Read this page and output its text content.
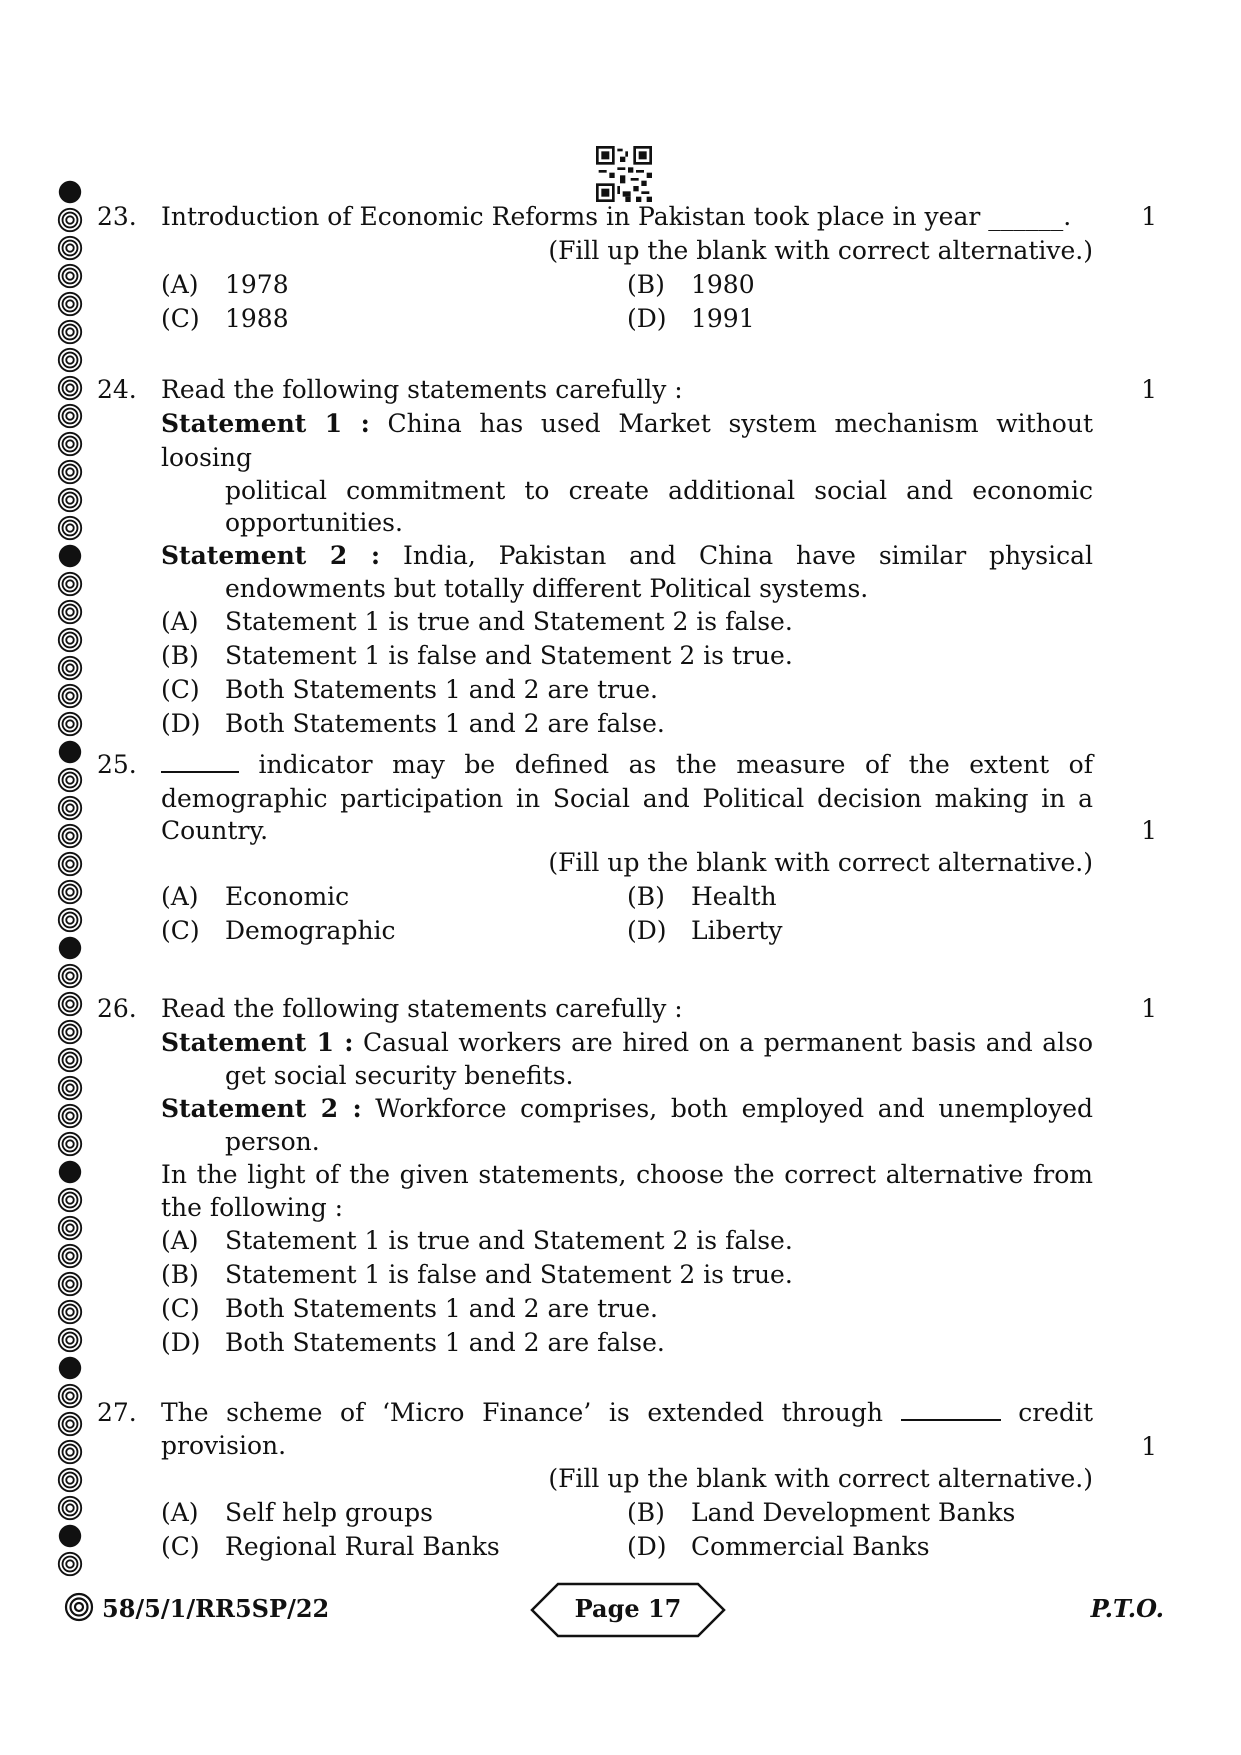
23.	1
Introduction of Economic Reforms in Pakistan took place in year ______.
(Fill up the blank with correct alternative.)
(A)	1978	(B)	1980
(C)	1988	(D) 1991
24.	1
Read the following statements carefully :
Statement 1 : China has used Market system mechanism without loosing
political commitment to create additional social and economic
opportunities.
Statement 2 : India, Pakistan and China have similar physical
endowments but totally different Political systems.
(A)	Statement 1 is true and Statement 2 is false.
(B)	Statement 1 is false and Statement 2 is true.
(C)	Both Statements 1 and 2 are true.
(D) Both Statements 1 and 2 are false.
25.
1
indicator may be defined as the measure of the extent of
demographic participation in Social and Political decision making in a
Country.
(Fill up the blank with correct alternative.)
(A)	Economic	(B)	Health
(C)	Demographic	(D) Liberty
26.	1
Read the following statements carefully :
Statement 1 : Casual workers are hired on a permanent basis and also
get social security benefits.
Statement 2 : Workforce comprises, both employed and unemployed
person.
In the light of the given statements, choose the correct alternative from
the following :
(A)	Statement 1 is true and Statement 2 is false.
(B)	Statement 1 is false and Statement 2 is true.
(C)	Both Statements 1 and 2 are true.
(D) Both Statements 1 and 2 are false.
27.
1
The scheme of ‘Micro Finance’ is extended through	credit
provision.
(Fill up the blank with correct alternative.)
(A)	Self help groups	(B)	Land Development Banks
(C)	Regional Rural Banks	(D) Commercial Banks
58/5/1/RR5SP/22	Page 17	P.T.O.
